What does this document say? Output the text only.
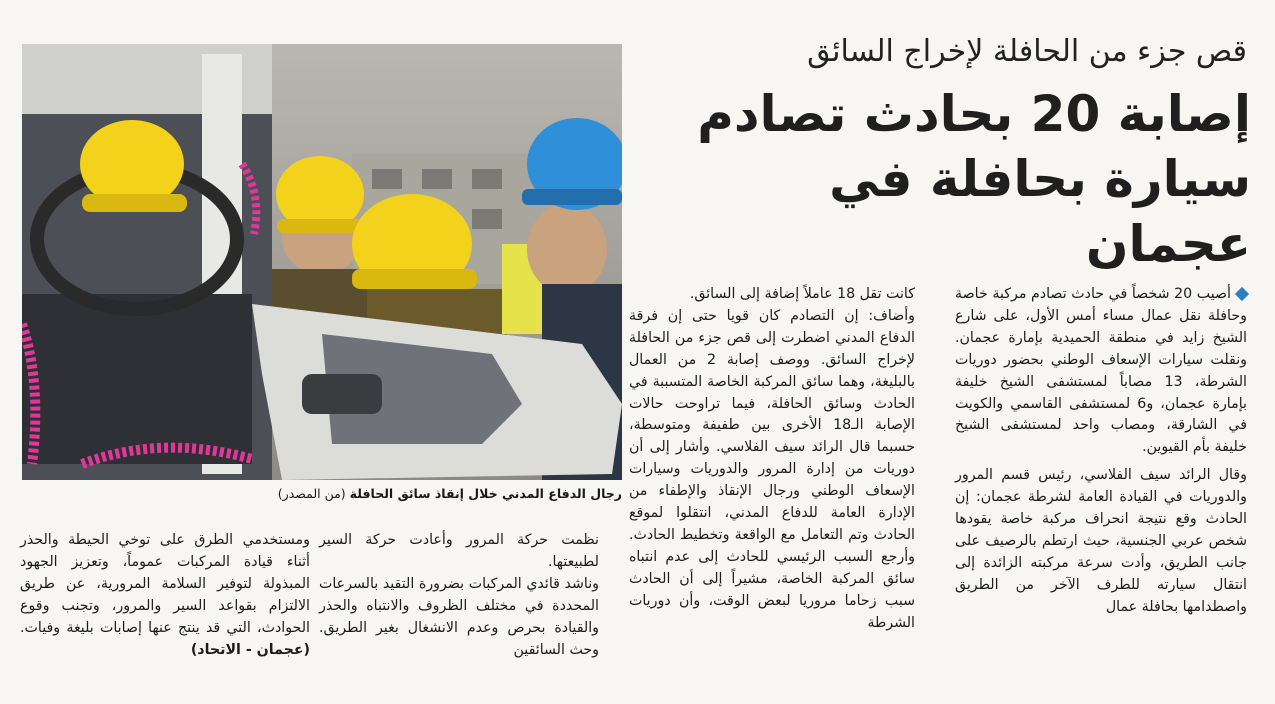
قص جزء من الحافلة لإخراج السائق
إصابة 20 بحادث تصادم
سيارة بحافلة في عجمان
رجال الدفاع المدني خلال إنقاذ سائق الحافلة (من المصدر)

أصيب 20 شخصاً في حادث تصادم مركبة خاصة وحافلة نقل عمال مساء أمس الأول، على شارع الشيخ زايد في منطقة الحميدية بإمارة عجمان. ونقلت سيارات الإسعاف الوطني بحضور دوريات الشرطة، 13 مصاباً لمستشفى الشيخ خليفة بإمارة عجمان، و6 لمستشفى القاسمي والكويت في الشارقة، ومصاب واحد لمستشفى الشيخ خليفة بأم القيوين.

وقال الرائد سيف الفلاسي، رئيس قسم المرور والدوريات في القيادة العامة لشرطة عجمان: إن الحادث وقع نتيجة انحراف مركبة خاصة يقودها شخص عربي الجنسية، حيث ارتطم بالرصيف على جانب الطريق، وأدت سرعة مركبته الزائدة إلى انتقال سيارته للطرف الآخر من الطريق واصطدامها بحافلة عمال

كانت تقل 18 عاملاً إضافة إلى السائق.

وأضاف: إن التصادم كان قويا حتى إن فرقة الدفاع المدني اضطرت إلى قص جزء من الحافلة لإخراج السائق. ووصف إصابة 2 من العمال بالبليغة، وهما سائق المركبة الخاصة المتسببة في الحادث وسائق الحافلة، فيما تراوحت حالات الإصابة الـ18 الأخرى بين طفيفة ومتوسطة، حسبما قال الرائد سيف الفلاسي. وأشار إلى أن دوريات من إدارة المرور والدوريات وسيارات الإسعاف الوطني ورجال الإنقاذ والإطفاء من الإدارة العامة للدفاع المدني، انتقلوا لموقع الحادث وتم التعامل مع الواقعة وتخطيط الحادث. وأرجع السبب الرئيسي للحادث إلى عدم انتباه سائق المركبة الخاصة، مشيراً إلى أن الحادث سبب زحاما مروريا لبعض الوقت، وأن دوريات الشرطة

نظمت حركة المرور وأعادت حركة السير لطبيعتها.

وناشد قائدي المركبات بضرورة التقيد بالسرعات المحددة في مختلف الظروف والانتباه والحذر والقيادة بحرص وعدم الانشغال بغير الطريق. وحث السائقين

ومستخدمي الطرق على توخي الحيطة والحذر أثناء قيادة المركبات عموماً، وتعزيز الجهود المبذولة لتوفير السلامة المرورية، عن طريق الالتزام بقواعد السير والمرور، وتجنب وقوع الحوادث، التي قد ينتج عنها إصابات بليغة وفيات. (عجمان - الاتحاد)
